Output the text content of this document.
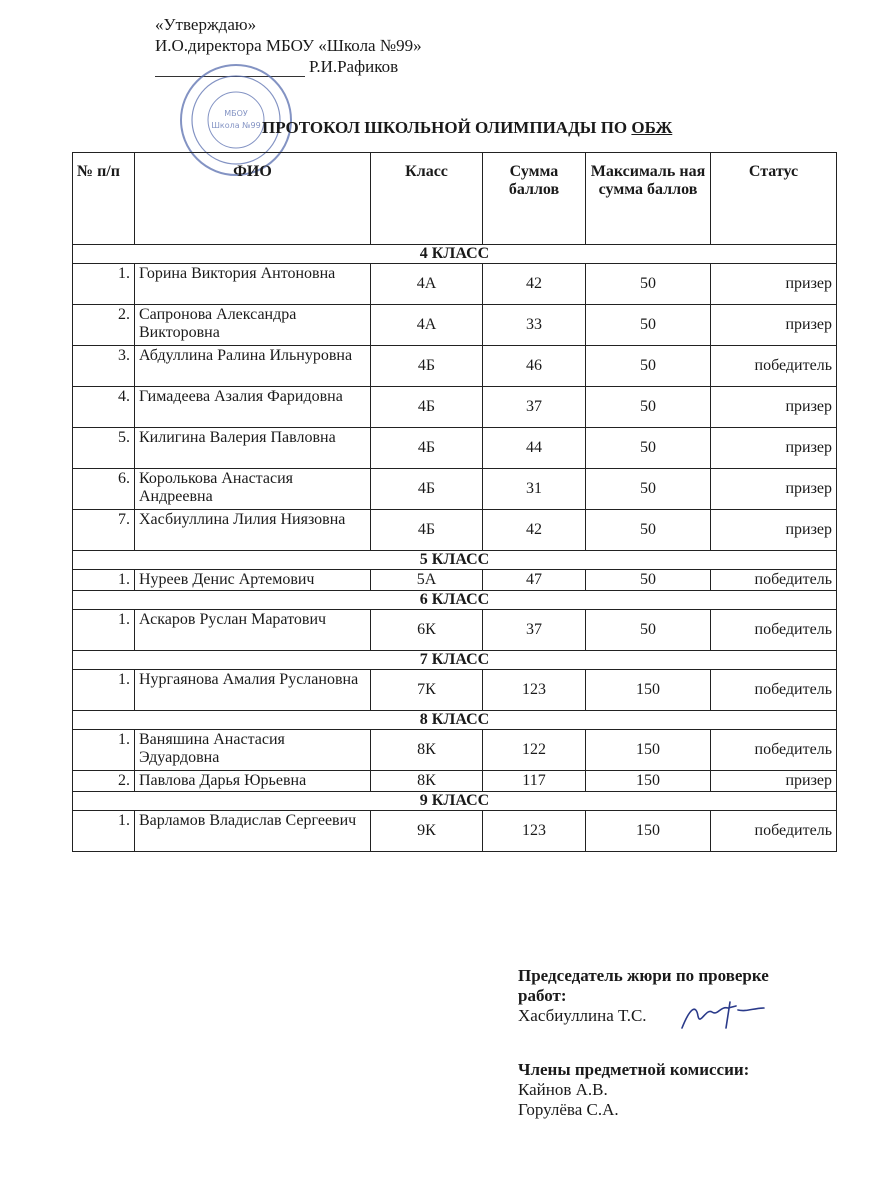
«Утверждаю»
И.О.директора МБОУ «Школа №99»
Р.И.Рафиков
МБОУ
Школа №99 ПРОТОКОЛ ШКОЛЬНОЙ ОЛИМПИАДЫ ПО ОБЖ
№ п/п	ФИО	Класс	Сумма баллов	Максималь ная сумма баллов	Статус
4 КЛАСС					
1.	Горина Виктория Антоновна	4А	42	50	призер
2.	Сапронова Александра Викторовна	4А	33	50	призер
3.	Абдуллина Ралина Ильнуровна	4Б	46	50	победитель
4.	Гимадеева Азалия Фаридовна	4Б	37	50	призер
5.	Килигина Валерия Павловна	4Б	44	50	призер
6.	Королькова Анастасия Андреевна	4Б	31	50	призер
7.	Хасбиуллина Лилия Ниязовна	4Б	42	50	призер
5 КЛАСС					
1.	Нуреев Денис Артемович	5А	47	50	победитель
6 КЛАСС					
1.	Аскаров Руслан Маратович	6К	37	50	победитель
7 КЛАСС					
1.	Нургаянова Амалия Руслановна	7К	123	150	победитель
8 КЛАСС					
1.	Ваняшина Анастасия Эдуардовна	8К	122	150	победитель
2.	Павлова Дарья Юрьевна	8К	117	150	призер
9 КЛАСС					
1.	Варламов Владислав Сергеевич	9К	123	150	победитель
Председатель жюри по проверке работ:
Хасбиуллина Т.С.
Члены предметной комиссии:
Кайнов А.В.
Горулёва С.А.
